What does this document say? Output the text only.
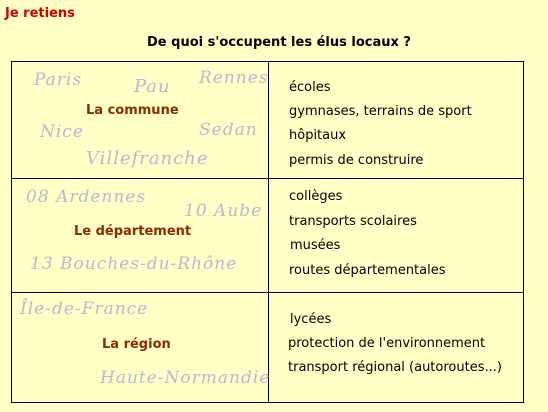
Je retiens
De quoi s'occupent les élus locaux ?
Paris	Pau Rennes
Nice	Sedan
Villefranche
La commune
écoles
gymnases, terrains de sport
hôpitaux
permis de construire
08 Ardennes
10 Aube
13 Bouches-du-Rhône
Le département
collèges
transports scolaires
musées
routes départementales
Île-de-France
Haute-Normandie
La région
lycées
protection de l'environnement
transport régional (autoroutes...)
